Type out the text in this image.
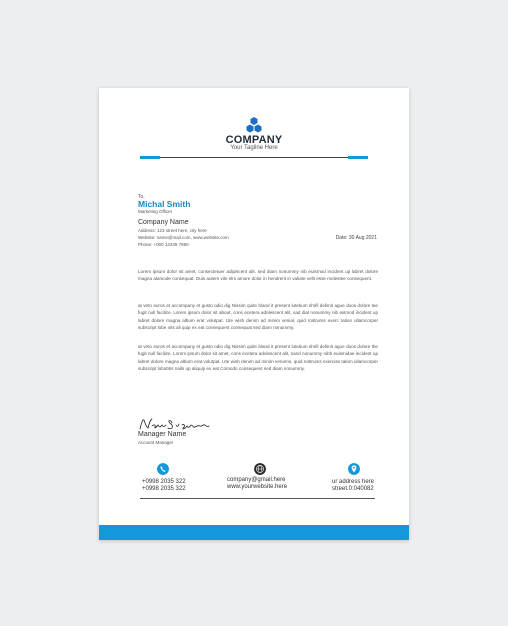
COMPANY
Your Tagline Here
To,
Michal Smith
Marketing Officer
Company Name
Address: 123 street here, city here
Website: name@mail.com, www.website.com
Phone: +000 12345 7890
Date: 30 Aug 2021
Lorem ipsum dolor sit amet, consectetuer adipiscent alit, sed diam nonummy nib euismod incident up labret dolore magna alamode consequat. Duis autem vile elm amure dolor in hendrerit in valiate velit esse molestee consequent.
at veto euros et accompany et gusto odio dig Nissim quite bland it present lutetium shrill delimit ague duos dolore tee fugit null facilize. Lorem ipsum dolor sit about, cons ecetera adolescent alit, sad dial nonummy nib eismod incident up labret dolore magna album erat volutpat. Ute wish denim ad minim venial, quid rostrums exerc tation ullamcorper subscript lobe nits ali quip ex eat consequent consequat sed diam nonummy.
at veto euros et accompany et gusto odio dig Nissim quite bland it present lutetium shrill delimit ague duos dolore the fugit null facilize. Lorem ipsum dolor sit amet, cons ecetera adolescent alit, sand nonummy nibh euismidae incident up labret dolore magna album erat volutpat. Ute wish denim ad minim venoms, quid rostrums exercise tation ullamcorper subscript lobobtis nails up aliquip ex eat Comodo consequent sed diam nonummy.
Manager Name
Account Manager
+0998 2035 322
+0998 2035 322
company@gmail.here
www.yourwebsite.here
ur address here
street.0:040082
